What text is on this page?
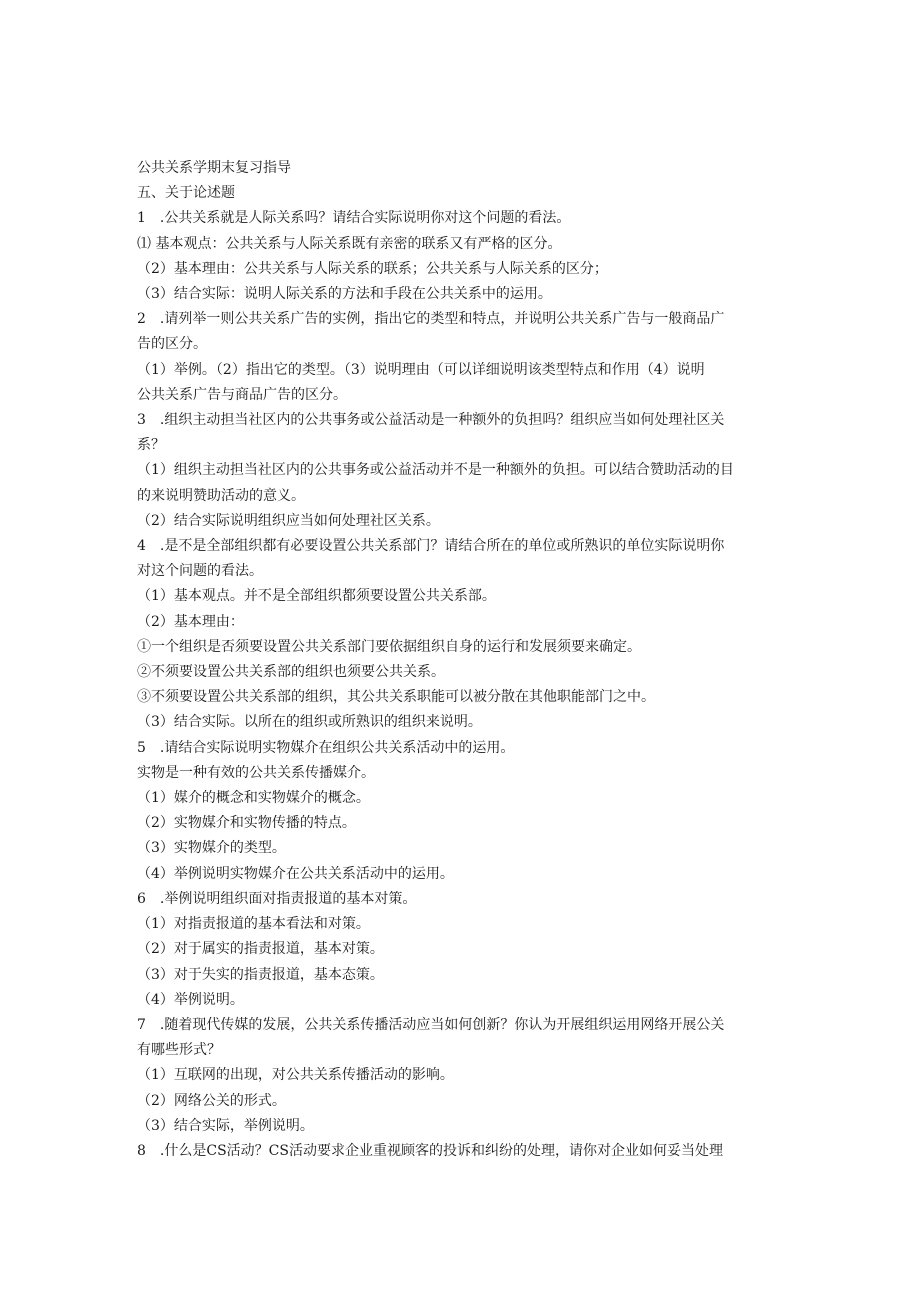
公共关系学期末复习指导
五、关于论述题
1　.公共关系就是人际关系吗？请结合实际说明你对这个问题的看法。
⑴ 基本观点：公共关系与人际关系既有亲密的联系又有严格的区分。
（2）基本理由：公共关系与人际关系的联系；公共关系与人际关系的区分；
（3）结合实际：说明人际关系的方法和手段在公共关系中的运用。
2　.请列举一则公共关系广告的实例，指出它的类型和特点，并说明公共关系广告与一般商品广
告的区分。
（1）举例。（2）指出它的类型。（3）说明理由（可以详细说明该类型特点和作用（4）说明
公共关系广告与商品广告的区分。
3　.组织主动担当社区内的公共事务或公益活动是一种额外的负担吗？组织应当如何处理社区关
系？
（1）组织主动担当社区内的公共事务或公益活动并不是一种额外的负担。可以结合赞助活动的目
的来说明赞助活动的意义。
（2）结合实际说明组织应当如何处理社区关系。
4　.是不是全部组织都有必要设置公共关系部门？请结合所在的单位或所熟识的单位实际说明你
对这个问题的看法。
（1）基本观点。并不是全部组织都须要设置公共关系部。
（2）基本理由：
①一个组织是否须要设置公共关系部门要依据组织自身的运行和发展须要来确定。
②不须要设置公共关系部的组织也须要公共关系。
③不须要设置公共关系部的组织，其公共关系职能可以被分散在其他职能部门之中。
（3）结合实际。以所在的组织或所熟识的组织来说明。
5　.请结合实际说明实物媒介在组织公共关系活动中的运用。
实物是一种有效的公共关系传播媒介。
（1）媒介的概念和实物媒介的概念。
（2）实物媒介和实物传播的特点。
（3）实物媒介的类型。
（4）举例说明实物媒介在公共关系活动中的运用。
6　.举例说明组织面对指责报道的基本对策。
（1）对指责报道的基本看法和对策。
（2）对于属实的指责报道，基本对策。
（3）对于失实的指责报道，基本态策。
（4）举例说明。
7　.随着现代传媒的发展，公共关系传播活动应当如何创新？你认为开展组织运用网络开展公关
有哪些形式？
（1）互联网的出现，对公共关系传播活动的影响。
（2）网络公关的形式。
（3）结合实际，举例说明。
8　.什么是CS活动？CS活动要求企业重视顾客的投诉和纠纷的处理，请你对企业如何妥当处理
